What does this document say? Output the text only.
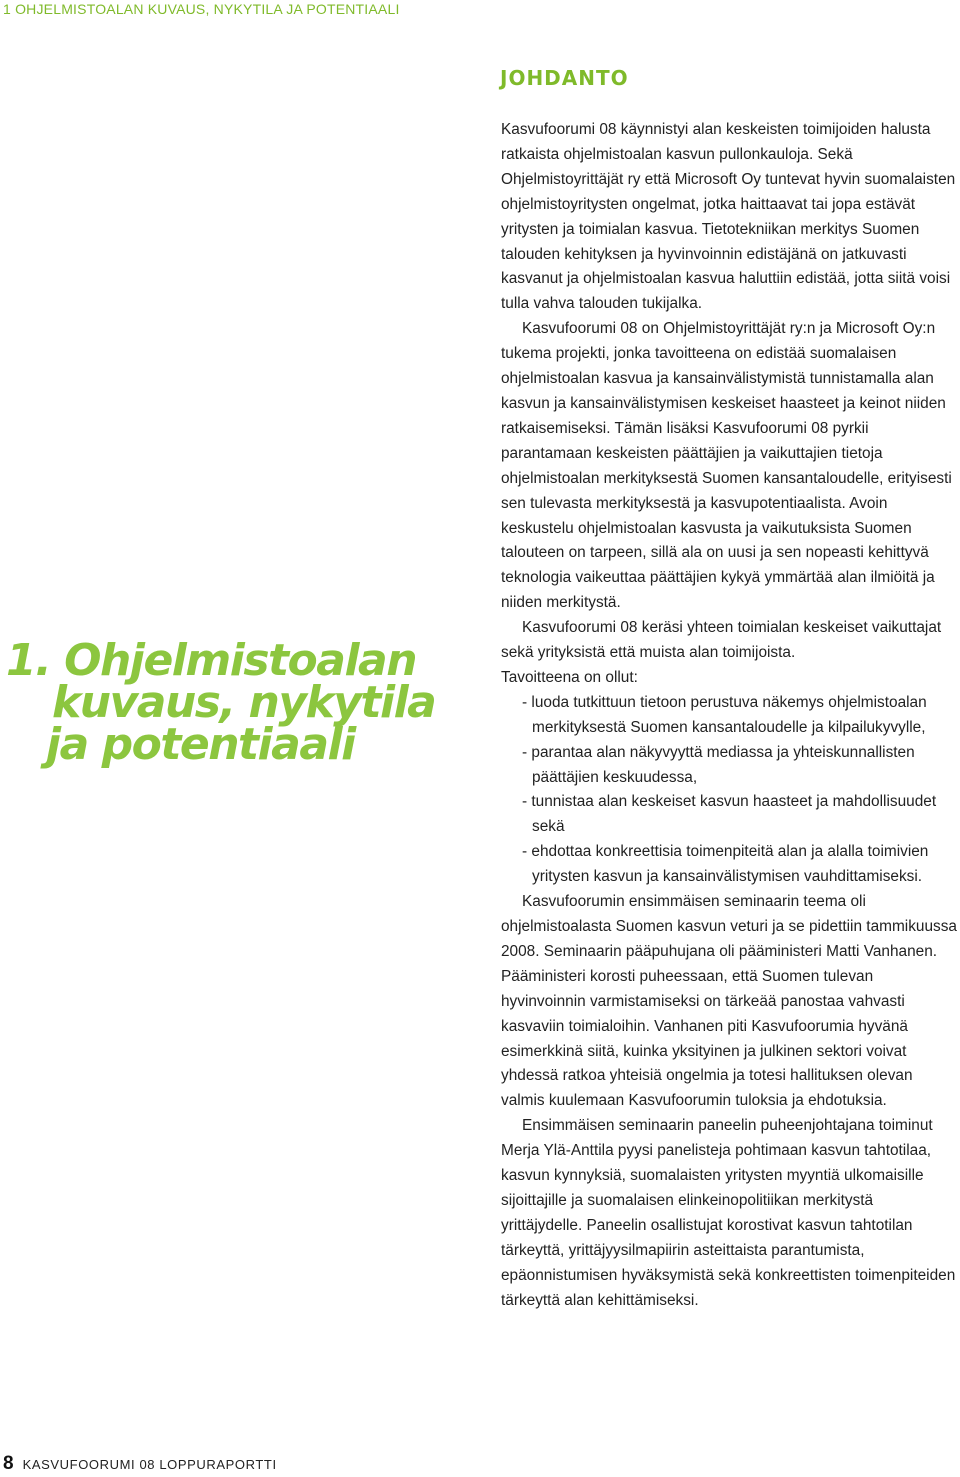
1 OHJELMISTOALAN KUVAUS, NYKYTILA JA POTENTIAALI
1. Ohjelmistoalan
kuvaus, nykytila
ja potentiaali
JOHDANTO

Kasvufoorumi 08 käynnistyi alan keskeisten toimijoiden halusta ratkaista ohjelmistoalan kasvun pullonkauloja. Sekä Ohjelmistoyrittäjät ry että Microsoft Oy tuntevat hyvin suomalaisten ohjelmistoyritysten ongelmat, jotka haittaavat tai jopa estävät yritysten ja toimialan kasvua. Tietotekniikan merkitys Suomen talouden kehityksen ja hyvinvoinnin edistäjänä on jatkuvasti kasvanut ja ohjelmistoalan kasvua haluttiin edistää, jotta siitä voisi tulla vahva talouden tukijalka.

Kasvufoorumi 08 on Ohjelmistoyrittäjät ry:n ja Microsoft Oy:n tukema projekti, jonka tavoitteena on edistää suomalaisen ohjelmistoalan kasvua ja kansainvälistymistä tunnistamalla alan kasvun ja kansainvälistymisen keskeiset haasteet ja keinot niiden ratkaisemiseksi. Tämän lisäksi Kasvufoorumi 08 pyrkii parantamaan keskeisten päättäjien ja vaikuttajien tietoja ohjelmistoalan merkityksestä Suomen kansantaloudelle, erityisesti sen tulevasta merkityksestä ja kasvupotentiaalista. Avoin keskustelu ohjelmistoalan kasvusta ja vaikutuksista Suomen talouteen on tarpeen, sillä ala on uusi ja sen nopeasti kehittyvä teknologia vaikeuttaa päättäjien kykyä ymmärtää alan ilmiöitä ja niiden merkitystä.

Kasvufoorumi 08 keräsi yhteen toimialan keskeiset vaikuttajat sekä yrityksistä että muista alan toimijoista.

Tavoitteena on ollut:

- luoda tutkittuun tietoon perustuva näkemys ohjelmistoalan merkityksestä Suomen kansantaloudelle ja kilpailukyvylle,
- parantaa alan näkyvyyttä mediassa ja yhteiskunnallisten päättäjien keskuudessa,
- tunnistaa alan keskeiset kasvun haasteet ja mahdollisuudet sekä
- ehdottaa konkreettisia toimenpiteitä alan ja alalla toimivien yritysten kasvun ja kansainvälistymisen vauhdittamiseksi.

Kasvufoorumin ensimmäisen seminaarin teema oli ohjelmistoalasta Suomen kasvun veturi ja se pidettiin tammikuussa 2008. Seminaarin pääpuhujana oli pääministeri Matti Vanhanen. Pääministeri korosti puheessaan, että Suomen tulevan hyvinvoinnin varmistamiseksi on tärkeää panostaa vahvasti kasvaviin toimialoihin. Vanhanen piti Kasvufoorumia hyvänä esimerkkinä siitä, kuinka yksityinen ja julkinen sektori voivat yhdessä ratkoa yhteisiä ongelmia ja totesi hallituksen olevan valmis kuulemaan Kasvufoorumin tuloksia ja ehdotuksia.

Ensimmäisen seminaarin paneelin puheenjohtajana toiminut Merja Ylä-Anttila pyysi panelisteja pohtimaan kasvun tahtotilaa, kasvun kynnyksiä, suomalaisten yritysten myyntiä ulkomaisille sijoittajille ja suomalaisen elinkeinopolitiikan merkitystä yrittäjydelle. Paneelin osallistujat korostivat kasvun tahtotilan tärkeyttä, yrittäjyysilmapiirin asteittaista parantumista, epäonnistumisen hyväksymistä sekä konkreettisten toimenpiteiden tärkeyttä alan kehittämiseksi.

8 KASVUFOORUMI 08 LOPPURAPORTTI
